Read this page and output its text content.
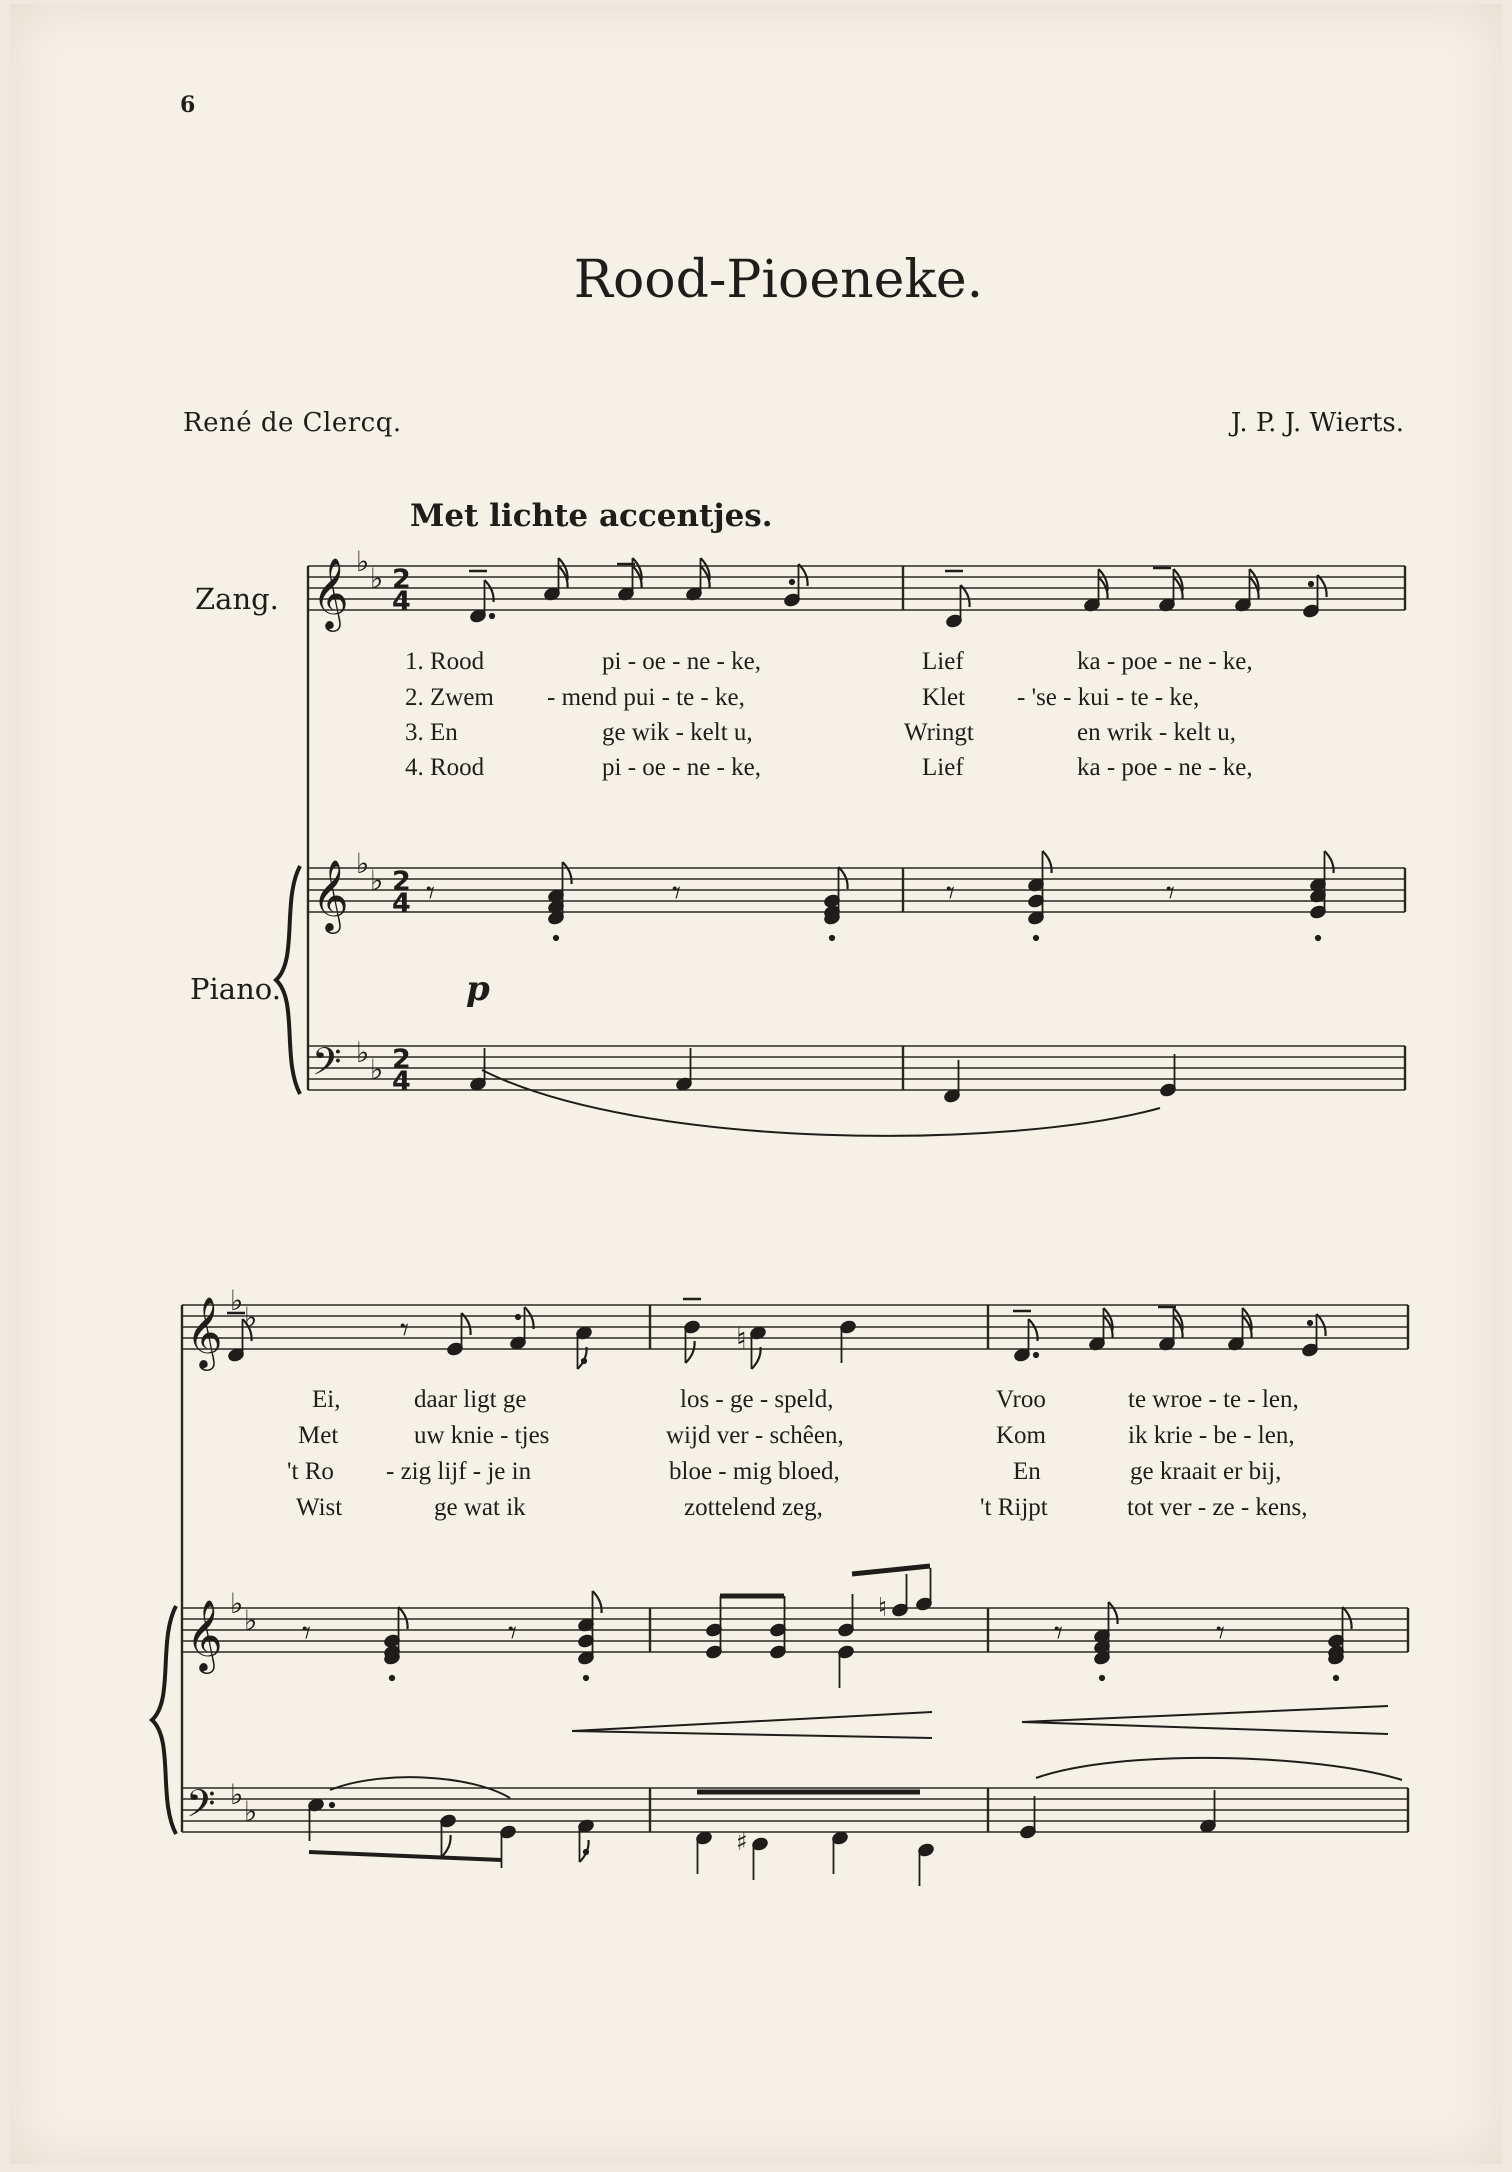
6
Rood-Pioeneke.
René de Clercq.	J. P. J. Wierts.
Met lichte accentjes.
Zang.
Piano.
1. Rood	pi - oe - ne - ke,	Lief	ka - poe - ne - ke,
2. Zwem - mend pui - te - ke,	Klet - 'se - kui - te - ke,
3. En	ge wik - kelt u,	Wringt	en wrik - kelt u,
4. Rood	pi - oe - ne - ke,	Lief	ka - poe - ne - ke,
Ei,	daar ligt ge	los - ge - speld,	Vroo	te wroe - te - len,
Met	uw knie - tjes	wijd ver - schêen,	Kom	ik krie - be - len,
't Ro - zig lijf - je in	bloe - mig bloed,	En	ge kraait er bij,
Wist	ge wat ik	zottelend zeg,	't Rijpt	tot ver - ze - kens,
𝄞 ♭
♭ 2
4
𝄞 ♭
♭ 2
4
𝄢 ♭
♭ 2
4
𝄞 ♭
♭
𝄞 ♭
♭
𝄢 ♭
♭
𝄾	𝄾	𝄾	𝄾
𝄾	♮
𝄾	𝄾
♮
𝄾	𝄾
♯
p
